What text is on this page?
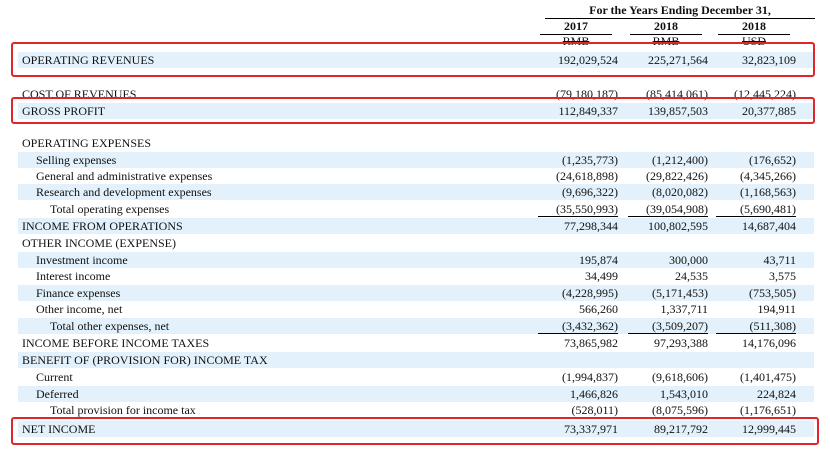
For the Years Ending December 31,
2017	2018	2018
RMB	RMB	USD
OPERATING REVENUES	192,029,524	225,271,564	32,823,109
COST OF REVENUES	(79,180,187)	(85,414,061)	(12,445,224)
GROSS PROFIT	112,849,337	139,857,503	20,377,885
OPERATING EXPENSES
Selling expenses	(1,235,773)	(1,212,400)	(176,652)
General and administrative expenses	(24,618,898)	(29,822,426)	(4,345,266)
Research and development expenses	(9,696,322)	(8,020,082)	(1,168,563)
Total operating expenses	(35,550,993)	(39,054,908)	(5,690,481)
INCOME FROM OPERATIONS	77,298,344	100,802,595	14,687,404
OTHER INCOME (EXPENSE)
Investment income	195,874	300,000	43,711
Interest income	34,499	24,535	3,575
Finance expenses	(4,228,995)	(5,171,453)	(753,505)
Other income, net	566,260	1,337,711	194,911
Total other expenses, net	(3,432,362)	(3,509,207)	(511,308)
INCOME BEFORE INCOME TAXES	73,865,982	97,293,388	14,176,096
BENEFIT OF (PROVISION FOR) INCOME TAX
Current	(1,994,837)	(9,618,606)	(1,401,475)
Deferred	1,466,826	1,543,010	224,824
Total provision for income tax	(528,011)	(8,075,596)	(1,176,651)
NET INCOME	73,337,971	89,217,792	12,999,445
